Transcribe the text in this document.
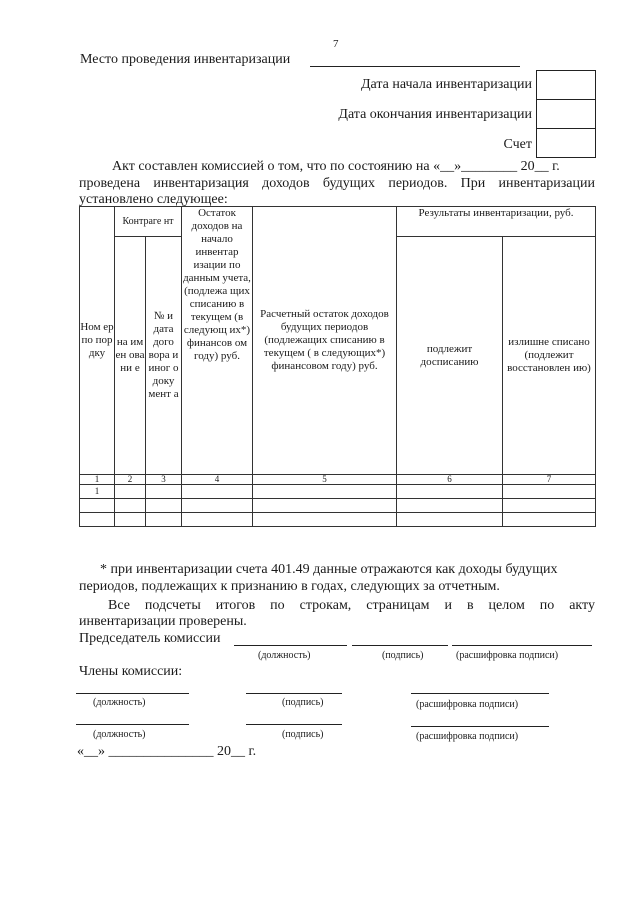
7
Место проведения инвентаризации
Дата начала инвентаризации
Дата окончания инвентаризации
Счет
Акт составлен комиссией о том, что по состоянию на «__»________ 20__ г.
проведена инвентаризация доходов будущих периодов. При инвентаризации
установлено следующее:
Ном ер по пор дку	Контраге нт		Остаток доходов на начало инвентар изации по данным учета, (подлежа щих списанию в текущем (в следующ их*) финансов ом году) руб.	Расчетный остаток доходов будущих периодов (подлежащих списанию в текущем ( в следующих*) финансовом году) руб.	Результаты инвентаризации, руб.	
	на им ен ова ни е	№ и дата дого вора и иног о доку мент а			подлежит досписанию	излишне списано (подлежит восстановлен ию)

1	2	3	4	5	6	7
1						

* при инвентаризации счета 401.49 данные отражаются как доходы будущих
периодов, подлежащих к признанию в годах, следующих за отчетным.
Все подсчеты итогов по строкам, страницам и в целом по акту
инвентаризации проверены.
Председатель комиссии
(должность)	(подпись)	(расшифровка подписи)
Члены комиссии:
(должность)	(подпись)	(расшифровка подписи)
(должность)	(подпись)	(расшифровка подписи)
«__» _______________ 20__ г.
